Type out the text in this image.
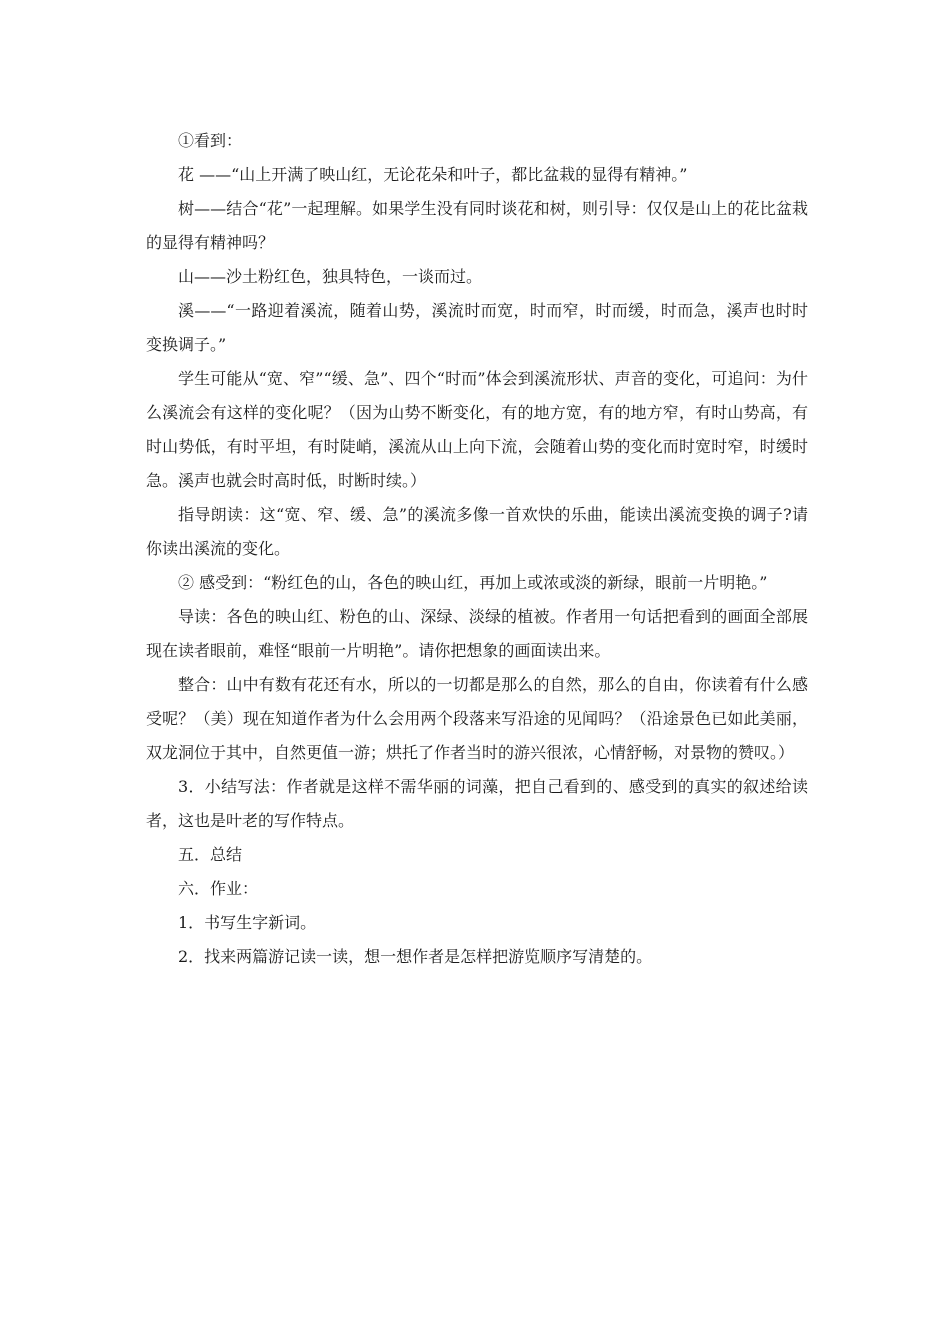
①看到：

花 ——“山上开满了映山红，无论花朵和叶子，都比盆栽的显得有精神。”

树——结合“花”一起理解。如果学生没有同时谈花和树，则引导：仅仅是山上的花比盆栽的显得有精神吗？

山——沙土粉红色，独具特色，一谈而过。

溪——“一路迎着溪流，随着山势，溪流时而宽，时而窄，时而缓，时而急，溪声也时时变换调子。”

学生可能从“宽、窄”“缓、急”、四个“时而”体会到溪流形状、声音的变化，可追问：为什么溪流会有这样的变化呢？（因为山势不断变化，有的地方宽，有的地方窄，有时山势高，有时山势低，有时平坦，有时陡峭，溪流从山上向下流，会随着山势的变化而时宽时窄，时缓时急。溪声也就会时高时低，时断时续。）

指导朗读：这“宽、窄、缓、急”的溪流多像一首欢快的乐曲，能读出溪流变换的调子?请你读出溪流的变化。

② 感受到：“粉红色的山，各色的映山红，再加上或浓或淡的新绿，眼前一片明艳。”

导读：各色的映山红、粉色的山、深绿、淡绿的植被。作者用一句话把看到的画面全部展现在读者眼前，难怪“眼前一片明艳”。请你把想象的画面读出来。

整合：山中有数有花还有水，所以的一切都是那么的自然，那么的自由，你读着有什么感受呢？（美）现在知道作者为什么会用两个段落来写沿途的见闻吗？（沿途景色已如此美丽，双龙洞位于其中，自然更值一游；烘托了作者当时的游兴很浓，心情舒畅，对景物的赞叹。）

3．小结写法：作者就是这样不需华丽的词藻，把自己看到的、感受到的真实的叙述给读者，这也是叶老的写作特点。

五．总结

六．作业：

1．书写生字新词。

2．找来两篇游记读一读，想一想作者是怎样把游览顺序写清楚的。
